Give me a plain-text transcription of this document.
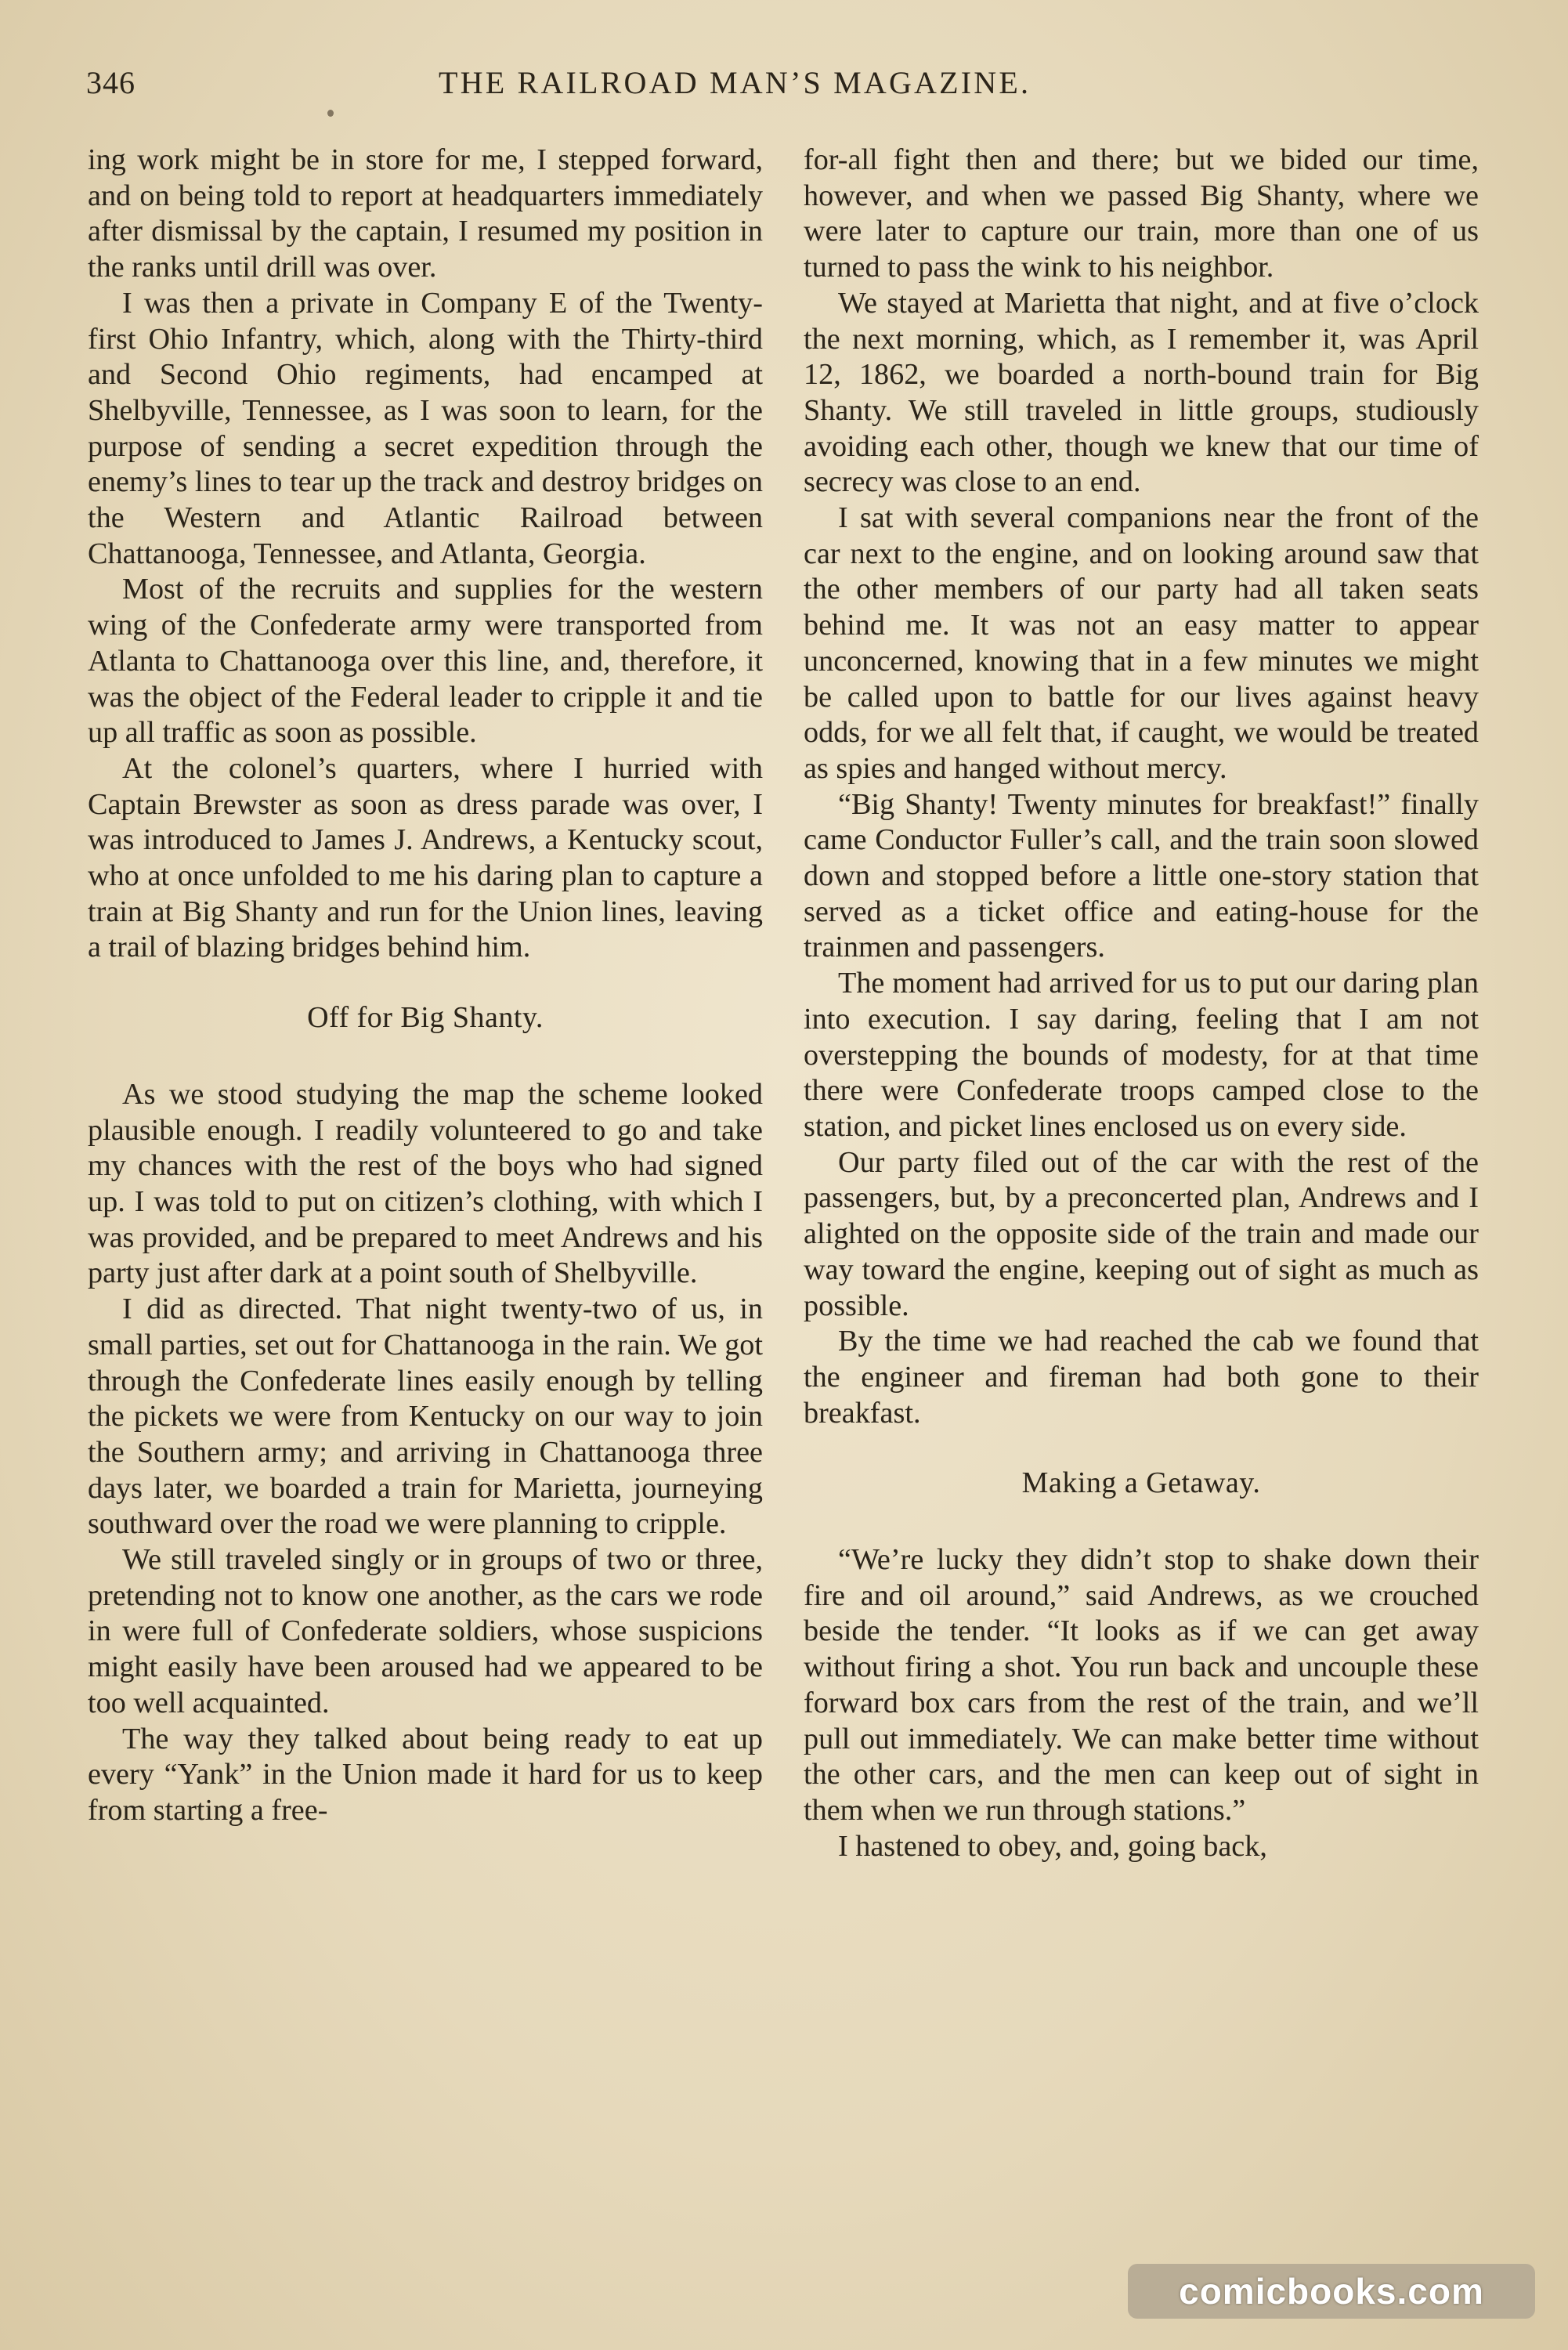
346	THE RAILROAD MAN’S MAGAZINE.

ing work might be in store for me, I stepped forward, and on being told to report at headquarters immediately after dismissal by the captain, I resumed my position in the ranks until drill was over.

I was then a private in Company E of the Twenty-first Ohio Infantry, which, along with the Thirty-third and Second Ohio regiments, had encamped at Shelbyville, Tennessee, as I was soon to learn, for the purpose of sending a secret expedition through the enemy’s lines to tear up the track and destroy bridges on the Western and Atlantic Railroad between Chattanooga, Tennessee, and Atlanta, Georgia.

Most of the recruits and supplies for the western wing of the Confederate army were transported from Atlanta to Chattanooga over this line, and, therefore, it was the object of the Federal leader to cripple it and tie up all traffic as soon as possible.

At the colonel’s quarters, where I hurried with Captain Brewster as soon as dress parade was over, I was introduced to James J. Andrews, a Kentucky scout, who at once unfolded to me his daring plan to capture a train at Big Shanty and run for the Union lines, leaving a trail of blazing bridges behind him.

Off for Big Shanty.

As we stood studying the map the scheme looked plausible enough. I readily volunteered to go and take my chances with the rest of the boys who had signed up. I was told to put on citizen’s clothing, with which I was provided, and be prepared to meet Andrews and his party just after dark at a point south of Shelbyville.

I did as directed. That night twenty-two of us, in small parties, set out for Chattanooga in the rain. We got through the Confederate lines easily enough by telling the pickets we were from Kentucky on our way to join the Southern army; and arriving in Chattanooga three days later, we boarded a train for Marietta, journeying southward over the road we were planning to cripple.

We still traveled singly or in groups of two or three, pretending not to know one another, as the cars we rode in were full of Confederate soldiers, whose suspicions might easily have been aroused had we appeared to be too well acquainted.

The way they talked about being ready to eat up every “Yank” in the Union made it hard for us to keep from starting a free-

for-all fight then and there; but we bided our time, however, and when we passed Big Shanty, where we were later to capture our train, more than one of us turned to pass the wink to his neighbor.

We stayed at Marietta that night, and at five o’clock the next morning, which, as I remember it, was April 12, 1862, we boarded a north-bound train for Big Shanty. We still traveled in little groups, studiously avoiding each other, though we knew that our time of secrecy was close to an end.

I sat with several companions near the front of the car next to the engine, and on looking around saw that the other members of our party had all taken seats behind me. It was not an easy matter to appear unconcerned, knowing that in a few minutes we might be called upon to battle for our lives against heavy odds, for we all felt that, if caught, we would be treated as spies and hanged without mercy.

“Big Shanty! Twenty minutes for breakfast!” finally came Conductor Fuller’s call, and the train soon slowed down and stopped before a little one-story station that served as a ticket office and eating-house for the trainmen and passengers.

The moment had arrived for us to put our daring plan into execution. I say daring, feeling that I am not overstepping the bounds of modesty, for at that time there were Confederate troops camped close to the station, and picket lines enclosed us on every side.

Our party filed out of the car with the rest of the passengers, but, by a preconcerted plan, Andrews and I alighted on the opposite side of the train and made our way toward the engine, keeping out of sight as much as possible.

By the time we had reached the cab we found that the engineer and fireman had both gone to their breakfast.

Making a Getaway.

“We’re lucky they didn’t stop to shake down their fire and oil around,” said Andrews, as we crouched beside the tender. “It looks as if we can get away without firing a shot. You run back and uncouple these forward box cars from the rest of the train, and we’ll pull out immediately. We can make better time without the other cars, and the men can keep out of sight in them when we run through stations.”

I hastened to obey, and, going back,

comicbooks.com
